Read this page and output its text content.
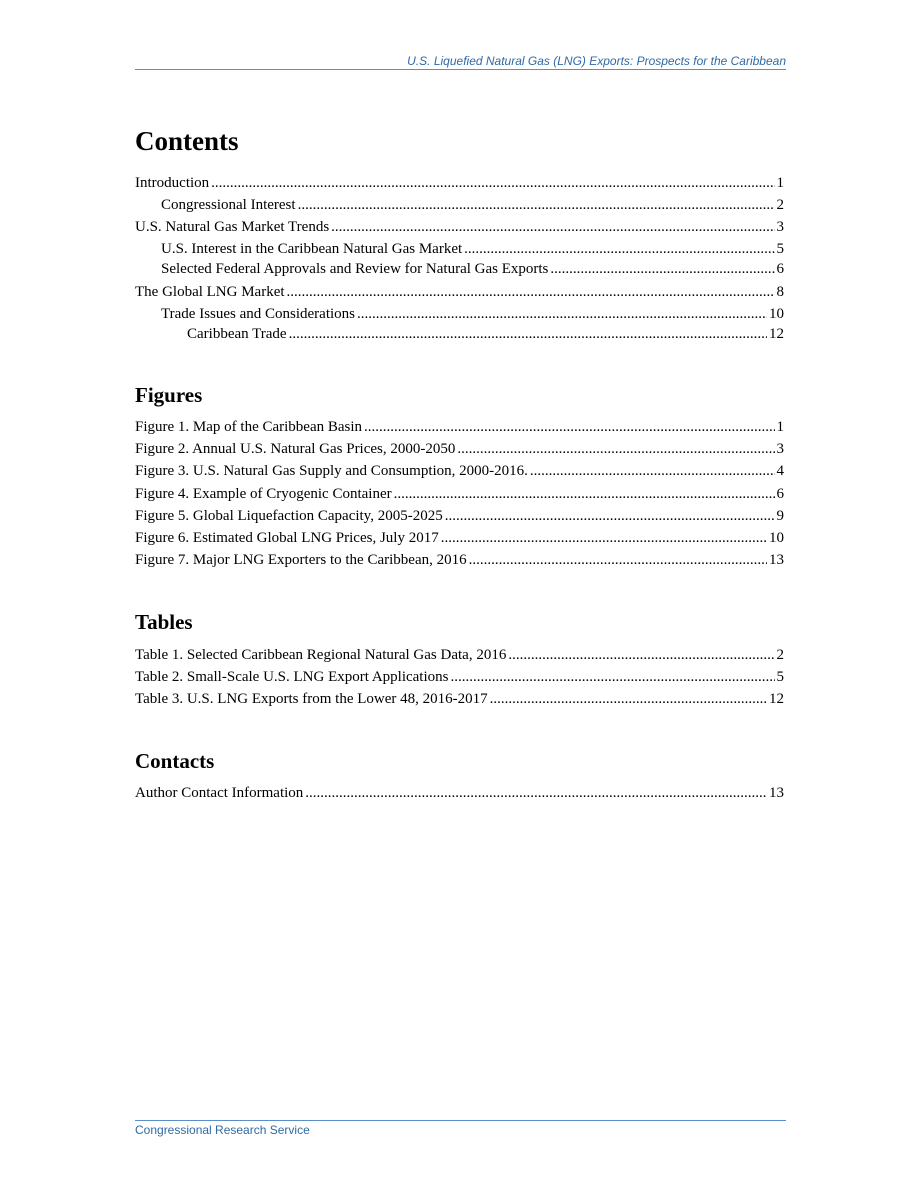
U.S. Liquefied Natural Gas (LNG) Exports: Prospects for the Caribbean
Contents
Introduction .....	1
Congressional Interest .....	2
U.S. Natural Gas Market Trends .....	3
U.S. Interest in the Caribbean Natural Gas Market .....	5
Selected Federal Approvals and Review for Natural Gas Exports .....	6
The Global LNG Market .....	8
Trade Issues and Considerations .....	10
Caribbean Trade .....	12
Figures
Figure 1. Map of the Caribbean Basin .....	1
Figure 2. Annual U.S. Natural Gas Prices, 2000-2050 .....	3
Figure 3. U.S. Natural Gas Supply and Consumption, 2000-2016. .....	4
Figure 4. Example of Cryogenic Container .....	6
Figure 5. Global Liquefaction Capacity, 2005-2025 .....	9
Figure 6. Estimated Global LNG Prices, July 2017 .....	10
Figure 7. Major LNG Exporters to the Caribbean, 2016 .....	13
Tables
Table 1. Selected Caribbean Regional Natural Gas Data, 2016 .....	2
Table 2. Small-Scale U.S. LNG Export Applications .....	5
Table 3. U.S. LNG Exports from the Lower 48, 2016-2017 .....	12
Contacts
Author Contact Information .....	13
Congressional Research Service
